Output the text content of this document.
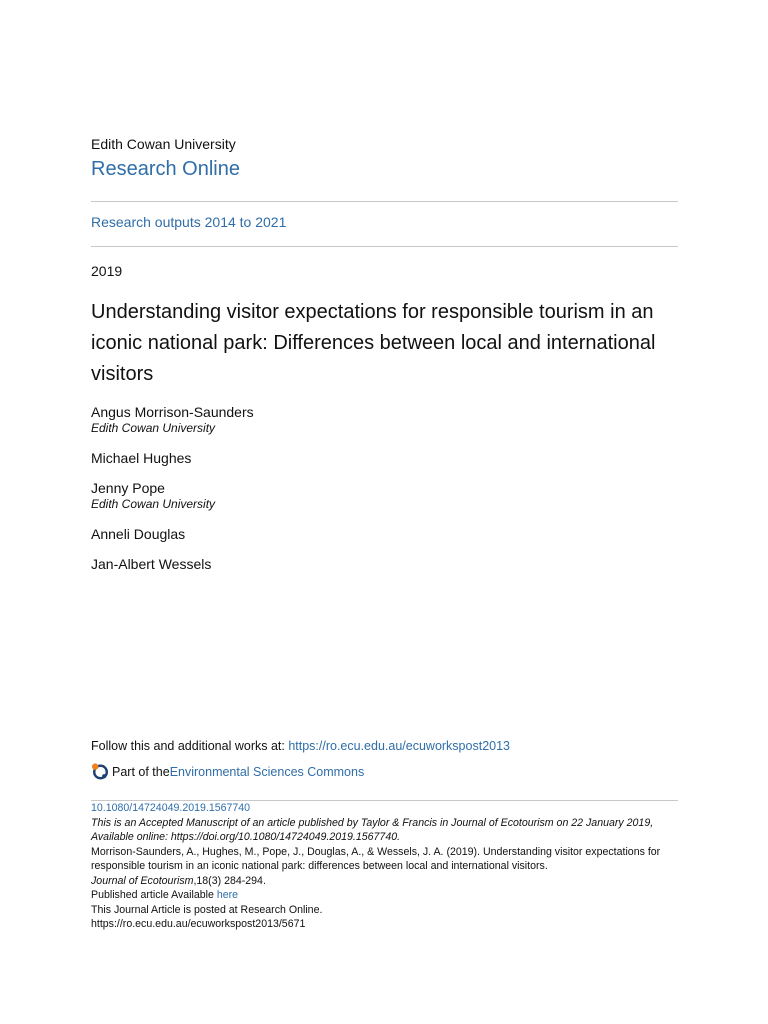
Edith Cowan University
Research Online
Research outputs 2014 to 2021
2019
Understanding visitor expectations for responsible tourism in an iconic national park: Differences between local and international visitors
Angus Morrison-Saunders
Edith Cowan University
Michael Hughes
Jenny Pope
Edith Cowan University
Anneli Douglas
Jan-Albert Wessels
Follow this and additional works at: https://ro.ecu.edu.au/ecuworkspost2013
Part of the Environmental Sciences Commons
10.1080/14724049.2019.1567740
This is an Accepted Manuscript of an article published by Taylor & Francis in Journal of Ecotourism on 22 January 2019, Available online: https://doi.org/10.1080/14724049.2019.1567740.
Morrison-Saunders, A., Hughes, M., Pope, J., Douglas, A., & Wessels, J. A. (2019). Understanding visitor expectations for responsible tourism in an iconic national park: differences between local and international visitors.
Journal of Ecotourism,18(3) 284-294.
Published article Available here
This Journal Article is posted at Research Online.
https://ro.ecu.edu.au/ecuworkspost2013/5671
